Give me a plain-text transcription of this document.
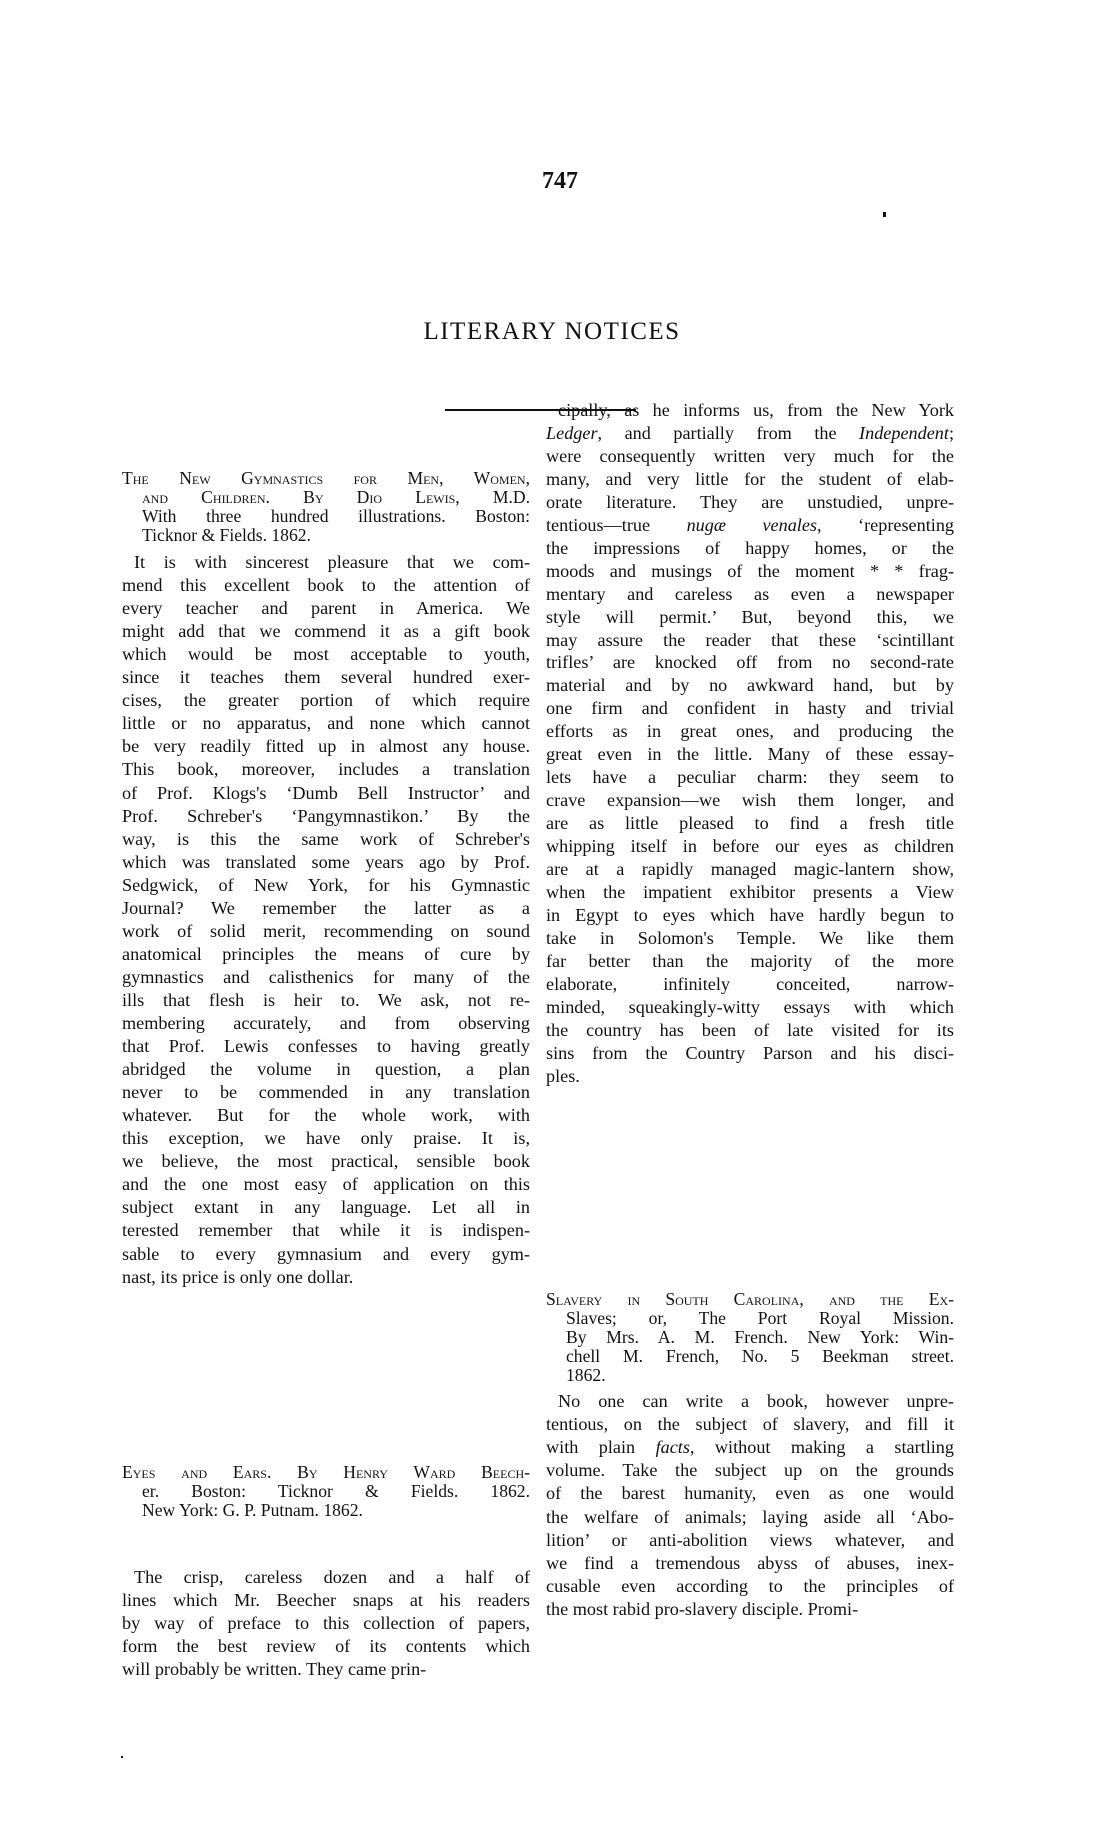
747
LITERARY NOTICES
The New Gymnastics for Men, Women,
and Children. By Dio Lewis, M.D.
With three hundred illustrations. Boston:
Ticknor & Fields. 1862.
It is with sincerest pleasure that we com-
mend this excellent book to the attention of
every teacher and parent in America. We
might add that we commend it as a gift book
which would be most acceptable to youth,
since it teaches them several hundred exer-
cises, the greater portion of which require
little or no apparatus, and none which cannot
be very readily fitted up in almost any house.
This book, moreover, includes a translation
of Prof. Klogs's ‘Dumb Bell Instructor’ and
Prof. Schreber's ‘Pangymnastikon.’ By the
way, is this the same work of Schreber's
which was translated some years ago by Prof.
Sedgwick, of New York, for his Gymnastic
Journal? We remember the latter as a
work of solid merit, recommending on sound
anatomical principles the means of cure by
gymnastics and calisthenics for many of the
ills that flesh is heir to. We ask, not re-
membering accurately, and from observing
that Prof. Lewis confesses to having greatly
abridged the volume in question, a plan
never to be commended in any translation
whatever. But for the whole work, with
this exception, we have only praise. It is,
we believe, the most practical, sensible book
and the one most easy of application on this
subject extant in any language. Let all in
terested remember that while it is indispen-
sable to every gymnasium and every gym-
nast, its price is only one dollar.
Eyes and Ears. By Henry Ward Beech-
er. Boston: Ticknor & Fields. 1862.
New York: G. P. Putnam. 1862.
The crisp, careless dozen and a half of
lines which Mr. Beecher snaps at his readers
by way of preface to this collection of papers,
form the best review of its contents which
will probably be written. They came prin-
cipally, as he informs us, from the New York
Ledger, and partially from the Independent;
were consequently written very much for the
many, and very little for the student of elab-
orate literature. They are unstudied, unpre-
tentious—true nugæ venales, ‘representing
the impressions of happy homes, or the
moods and musings of the moment * * frag-
mentary and careless as even a newspaper
style will permit.’ But, beyond this, we
may assure the reader that these ‘scintillant
trifles’ are knocked off from no second-rate
material and by no awkward hand, but by
one firm and confident in hasty and trivial
efforts as in great ones, and producing the
great even in the little. Many of these essay-
lets have a peculiar charm: they seem to
crave expansion—we wish them longer, and
are as little pleased to find a fresh title
whipping itself in before our eyes as children
are at a rapidly managed magic-lantern show,
when the impatient exhibitor presents a View
in Egypt to eyes which have hardly begun to
take in Solomon's Temple. We like them
far better than the majority of the more
elaborate, infinitely conceited, narrow-
minded, squeakingly-witty essays with which
the country has been of late visited for its
sins from the Country Parson and his disci-
ples.
Slavery in South Carolina, and the Ex-
Slaves; or, The Port Royal Mission.
By Mrs. A. M. French. New York: Win-
chell M. French, No. 5 Beekman street.
1862.
No one can write a book, however unpre-
tentious, on the subject of slavery, and fill it
with plain facts, without making a startling
volume. Take the subject up on the grounds
of the barest humanity, even as one would
the welfare of animals; laying aside all ‘Abo-
lition’ or anti-abolition views whatever, and
we find a tremendous abyss of abuses, inex-
cusable even according to the principles of
the most rabid pro-slavery disciple. Promi-
